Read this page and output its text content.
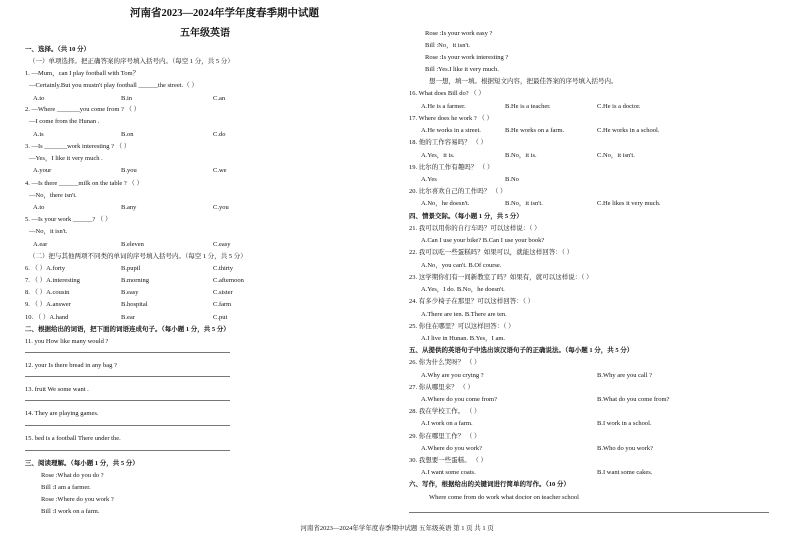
河南省2023—2024年学年度春季期中试题
五年级英语
一、选择。（共 10 分）
（一）单项选择。把正确答案的序号填入括号内。（每空 1 分，共 5 分）
1. —Mum，can I play football with Tom？
—Certainly.But you mustn't play football ______the street.（ ）
A.to	B.in	C.an
2. —Where _______you come from ? （ ）
—I come from the Hunan .
A.is	B.on	C.do
3. —Is _______work interesting ? （ ）
—Yes，I like it very much .
A.your	B.you	C.we
4. —Is there ______milk on the table ? （ ）
—No，there isn't.
A.to	B.any	C.you
5. —Is your work ______? （ ）
—No，it isn't.
A.ear	B.eleven	C.easy
（二）把与其他两项不同类的单词的序号填入括号内。（每空 1 分，共 5 分）
6. （ ）A.forty	B.pupil	C.thirty
7. （ ）A.interesting	B.morning	C.afternoon
8. （ ）A.cousin	B.easy	C.sister
9. （ ）A.answer	B.hospital	C.farm
10. （ ）A.hand	B.ear	C.put
二、根据给出的词语，把下面的词语连成句子。（每小题 1 分，共 5 分）
11. you How like many would ?
12. your Is there bread in any bag ?
13. fruit We some want .
14. They are playing games.
15. bed is a football There under the.
三、阅读理解。（每小题 1 分，共 5 分）
Rose :What do you do ?
Bill :I am a farmer.
Rose :Where do you work ?
Bill :I work on a farm.
Rose :Is your work easy ?
Bill :No，it isn't.
Rose :Is your work interesting ?
Bill :Yes.I like it very much.
想一想，填一填。根据短文内容，把最佳答案的序号填入括号内。
16. What does Bill do? （ ）
A.He is a farmer.	B.He is a teacher.	C.He is a doctor.
17. Where does he work ? （ ）
A.He works in a street.	B.He works on a farm.	C.He works in a school.
18. 他的工作容易吗？ （ ）
A.Yes，it is.	B.No，it is.	C.No，it isn't.
19. 比尔的工作有趣吗？ （ ）
A.Yes	B.No
20. 比尔喜欢自己的工作吗？ （ ）
A.No，he doesn't.	B.No，it isn't.	C.He likes it very much.
四、情景交际。（每小题 1 分，共 5 分）
21. 我可以用你的自行车吗？可以这样说：（ ）
A.Can I use your bike? B.Can I use your book?
22. 我可以吃一些蛋糕吗？如果可以，就能这样回答：（ ）
A.No，you can't. B.Of course.
23. 这学期你们有一间新教室了吗？如果有，就可以这样说：（ ）
A.Yes，I do. B.No，he doesn't.
24. 有多少椅子在那里？可以这样回答：（ ）
A.There are ten. B.There are ten.
25. 你住在哪里？可以这样回答：（ ）
A.I live in Hunan. B.Yes，I am.
五、从提供的英语句子中选出该汉语句子的正确说法。（每小题 1 分，共 5 分）
26. 你为什么哭呀？ （ ）
A.Why are you crying ?	B.Why are you call ?
27. 你从哪里来？ （ ）
A.Where do you come from?	B.What do you come from?
28. 我在学校工作。 （ ）
A.I work on a farm.	B.I work in a school.
29. 你在哪里工作？ （ ）
A.Where do you work?	B.Who do you work?
30. 我想要一些蛋糕。 （ ）
A.I want some coats.	B.I want some cakes.
六、写作，根据给出的关键词进行简单的写作。（10 分）
Where come from do work what doctor on teacher school
河南省2023—2024年学年度春季期中试题 五年级英语 第 1 页 共 1 页
